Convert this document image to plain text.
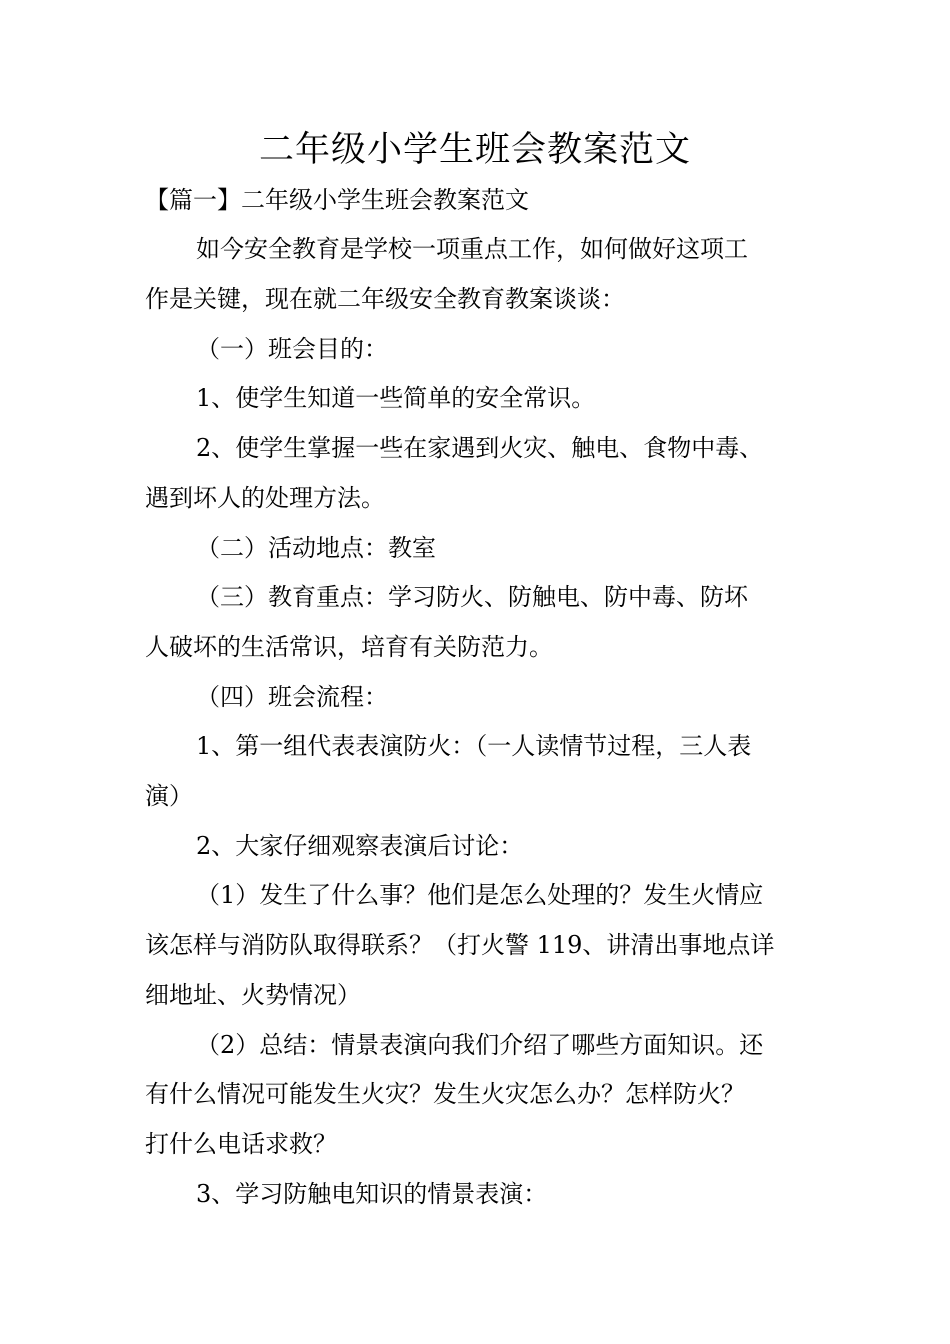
二年级小学生班会教案范文
【篇一】二年级小学生班会教案范文
如今安全教育是学校一项重点工作，如何做好这项工
作是关键，现在就二年级安全教育教案谈谈：
（一）班会目的：
1、使学生知道一些简单的安全常识。
2、使学生掌握一些在家遇到火灾、触电、食物中毒、
遇到坏人的处理方法。
（二）活动地点：教室
（三）教育重点：学习防火、防触电、防中毒、防坏
人破坏的生活常识，培育有关防范力。
（四）班会流程：
1、第一组代表表演防火：（一人读情节过程，三人表
演）
2、大家仔细观察表演后讨论：
（1）发生了什么事？他们是怎么处理的？发生火情应
该怎样与消防队取得联系？（打火警 119、讲清出事地点详
细地址、火势情况）
（2）总结：情景表演向我们介绍了哪些方面知识。还
有什么情况可能发生火灾？发生火灾怎么办？怎样防火？
打什么电话求救？
3、学习防触电知识的情景表演：
